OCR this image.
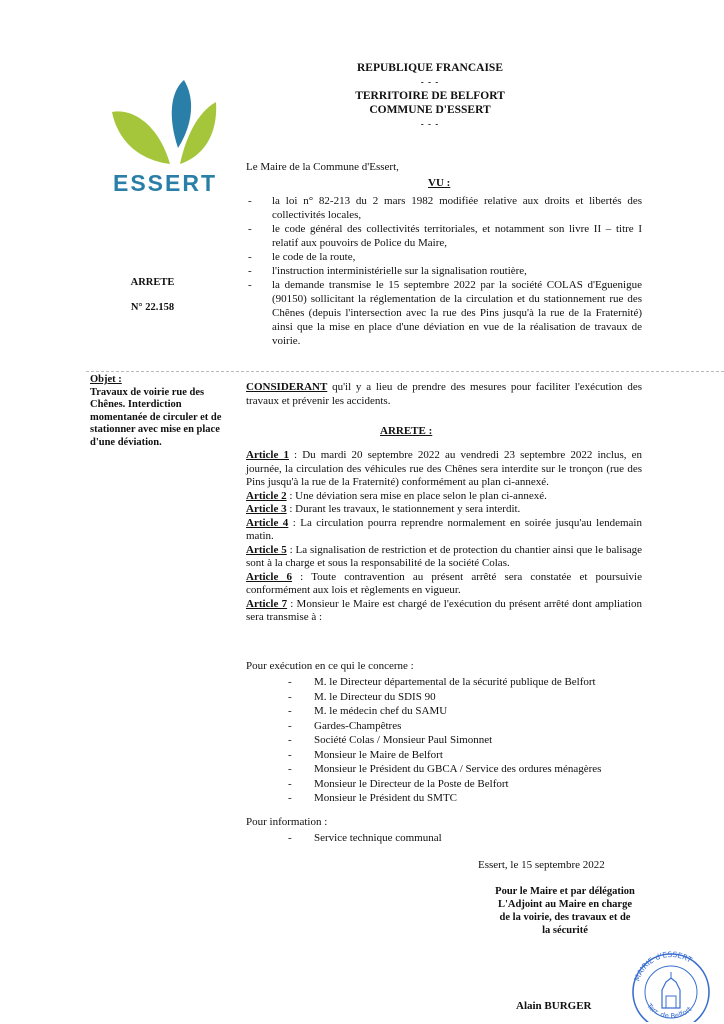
REPUBLIQUE FRANCAISE
- - -
TERRITOIRE DE BELFORT
COMMUNE D'ESSERT
- - -
ESSERT
ARRETE
N° 22.158
Le Maire de la Commune d'Essert,
VU :
- la loi n° 82-213 du 2 mars 1982 modifiée relative aux droits et libertés des collectivités locales,
- le code général des collectivités territoriales, et notamment son livre II – titre I relatif aux pouvoirs de Police du Maire,
- le code de la route,
- l'instruction interministérielle sur la signalisation routière,
- la demande transmise le 15 septembre 2022 par la société COLAS d'Eguenigue (90150) sollicitant la réglementation de la circulation et du stationnement rue des Chênes (depuis l'intersection avec la rue des Pins jusqu'à la rue de la Fraternité) ainsi que la mise en place d'une déviation en vue de la réalisation de travaux de voirie.
Objet :
Travaux de voirie rue des Chênes. Interdiction momentanée de circuler et de stationner avec mise en place d'une déviation.
CONSIDERANT qu'il y a lieu de prendre des mesures pour faciliter l'exécution des travaux et prévenir les accidents.
ARRETE :
Article 1 : Du mardi 20 septembre 2022 au vendredi 23 septembre 2022 inclus, en journée, la circulation des véhicules rue des Chênes sera interdite sur le tronçon (rue des Pins jusqu'à la rue de la Fraternité) conformément au plan ci-annexé.
Article 2 : Une déviation sera mise en place selon le plan ci-annexé.
Article 3 : Durant les travaux, le stationnement y sera interdit.
Article 4 : La circulation pourra reprendre normalement en soirée jusqu'au lendemain matin.
Article 5 : La signalisation de restriction et de protection du chantier ainsi que le balisage sont à la charge et sous la responsabilité de la société Colas.
Article 6 : Toute contravention au présent arrêté sera constatée et poursuivie conformément aux lois et règlements en vigueur.
Article 7 : Monsieur le Maire est chargé de l'exécution du présent arrêté dont ampliation sera transmise à :
Pour exécution en ce qui le concerne :
- M. le Directeur départemental de la sécurité publique de Belfort
- M. le Directeur du SDIS 90
- M. le médecin chef du SAMU
- Gardes-Champêtres
- Société Colas / Monsieur Paul Simonnet
- Monsieur le Maire de Belfort
- Monsieur le Président du GBCA / Service des ordures ménagères
- Monsieur le Directeur de la Poste de Belfort
- Monsieur le Président du SMTC
Pour information :
- Service technique communal
Essert, le 15 septembre 2022
Pour le Maire et par délégation
L'Adjoint au Maire en charge
de la voirie, des travaux et de
la sécurité
Alain BURGER
MAIRIE d'ESSERT
Terr. de Belfort
